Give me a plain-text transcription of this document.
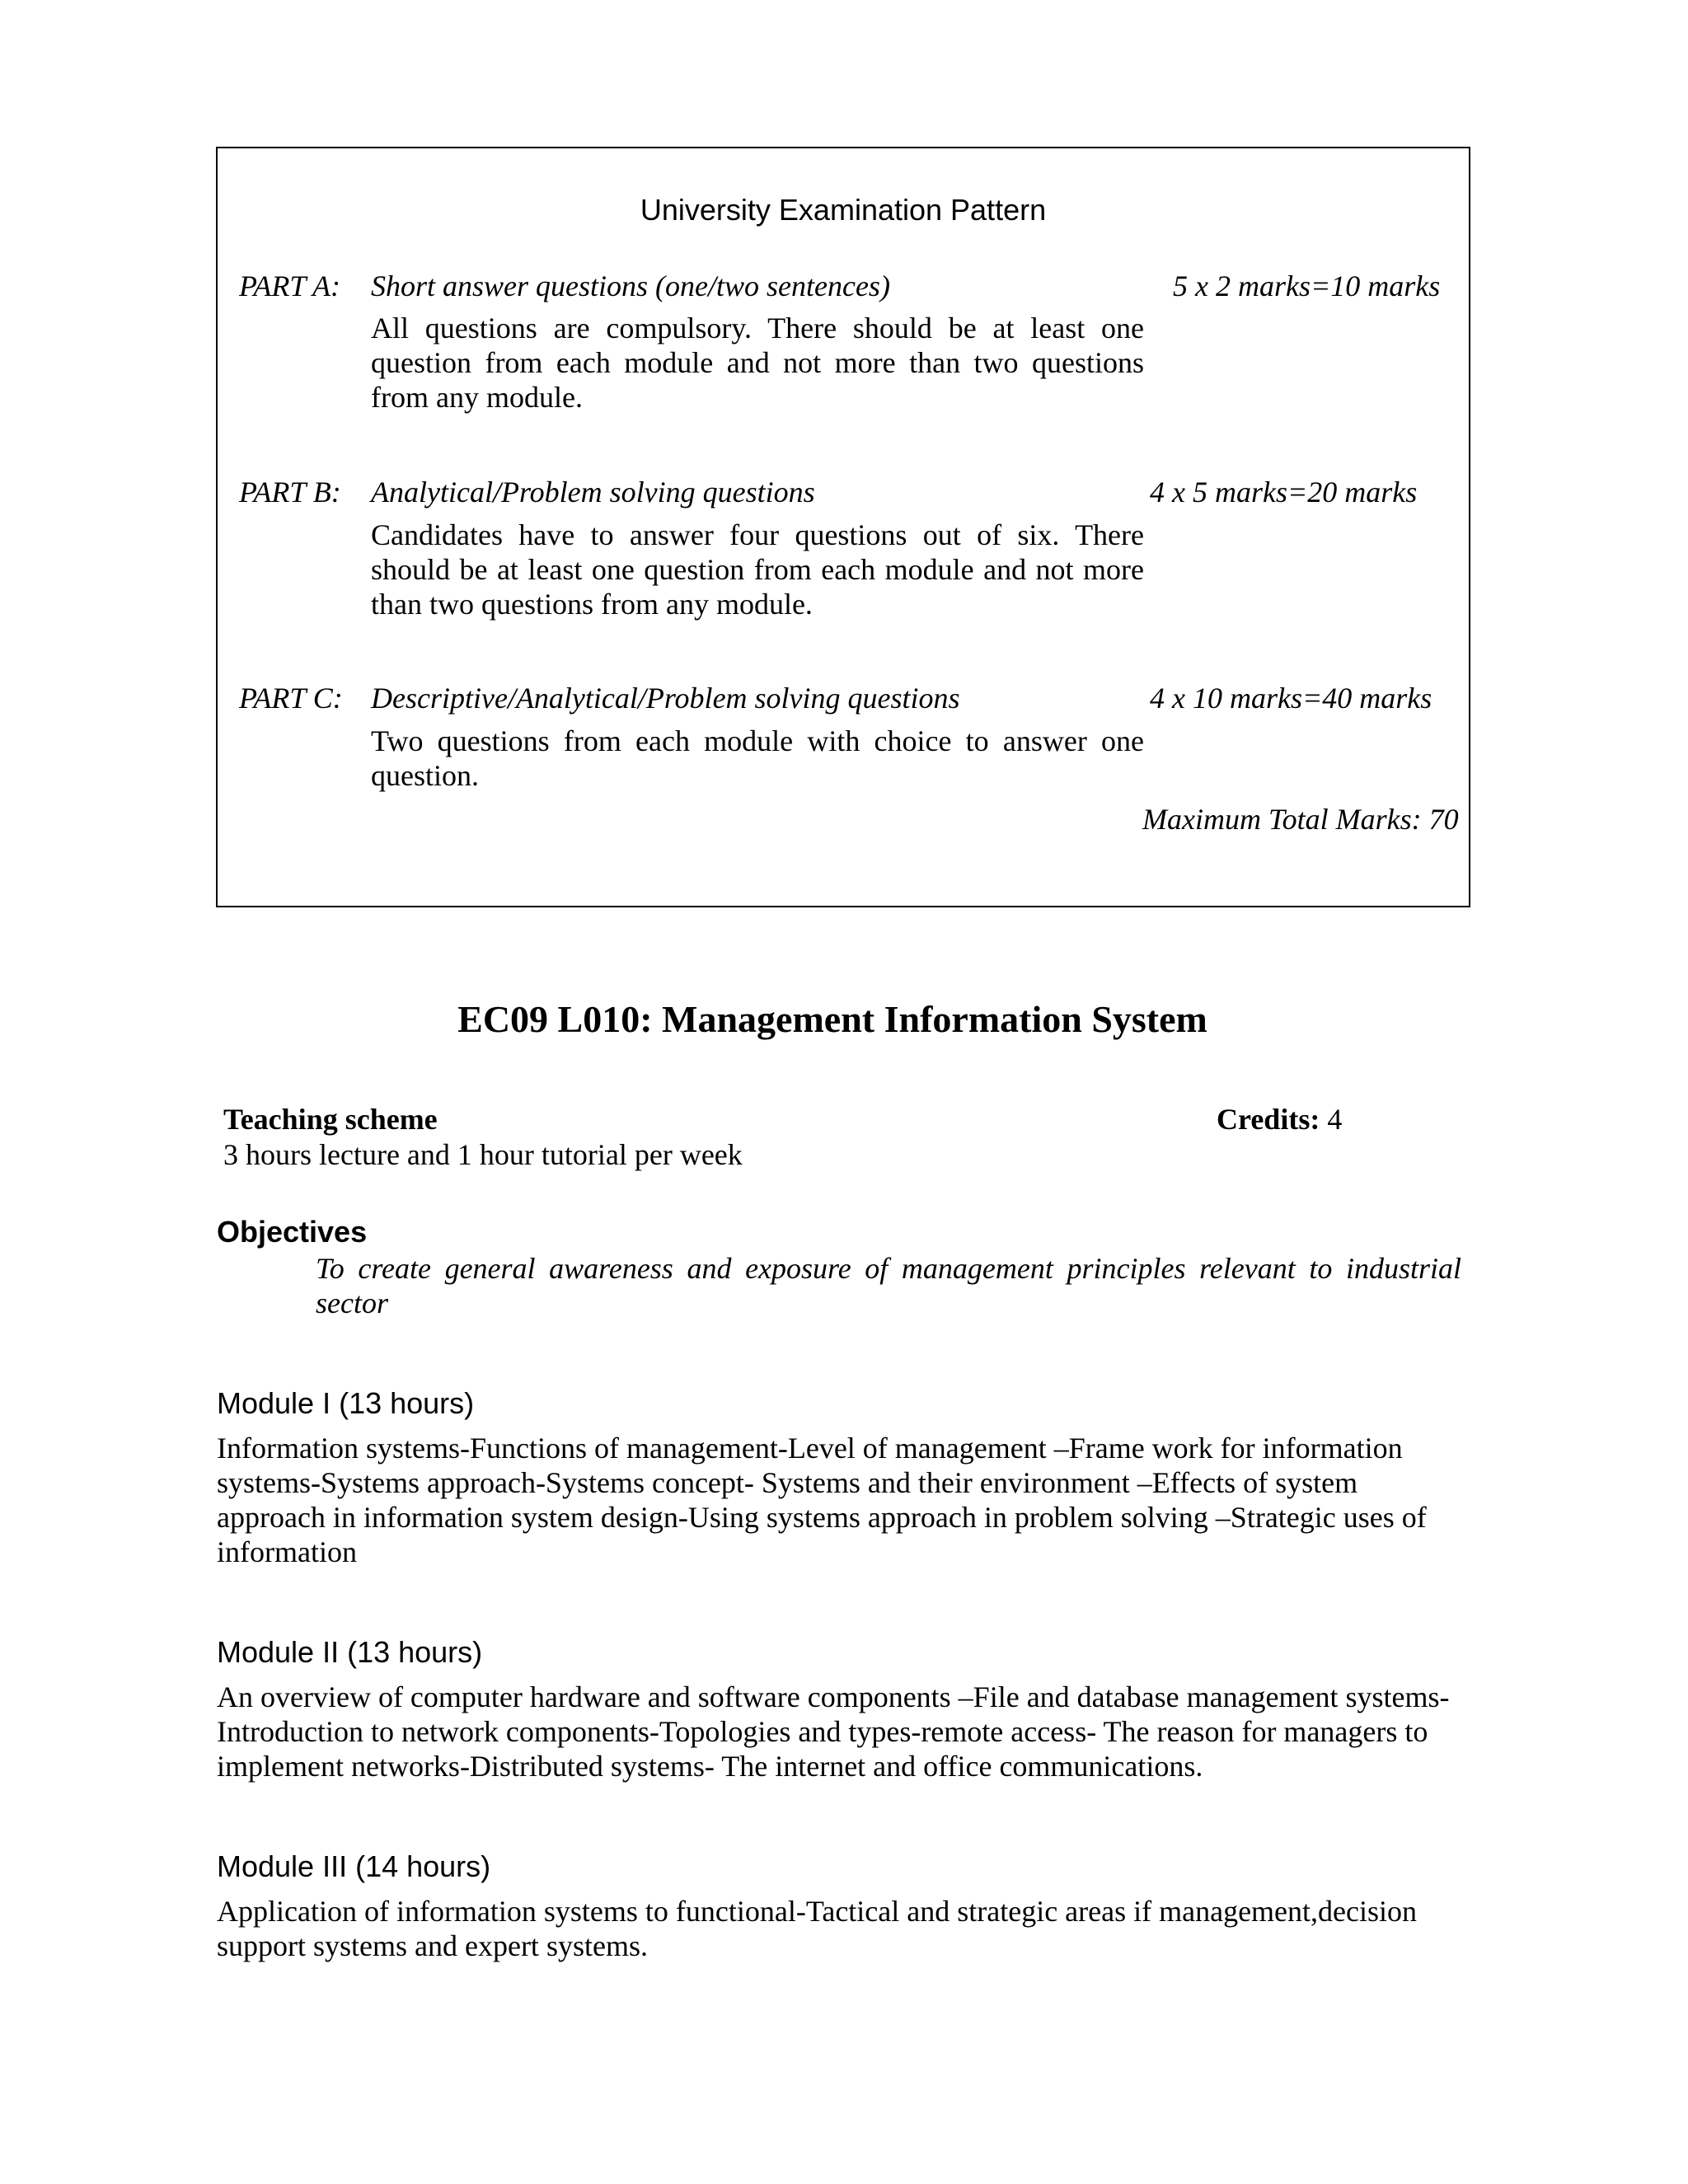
University Examination Pattern
PART A: Short answer questions (one/two sentences)	5 x 2 marks=10 marks
All questions are compulsory. There should be at least one question from each module and not more than two questions from any module.
PART B: Analytical/Problem solving questions	4 x 5 marks=20 marks
Candidates have to answer four questions out of six. There should be at least one question from each module and not more than two questions from any module.
PART C: Descriptive/Analytical/Problem solving questions	4 x 10 marks=40 marks
Two questions from each module with choice to answer one question.
Maximum Total Marks: 70
EC09 L010: Management Information System
Teaching scheme	Credits: 4
3 hours lecture and 1 hour tutorial per week
Objectives
To create general awareness and exposure of management principles relevant to industrial sector
Module I (13 hours)
Information systems-Functions of management-Level of management –Frame work for information systems-Systems approach-Systems concept- Systems and their environment –Effects of system approach in information system design-Using systems approach in problem solving –Strategic uses of information
Module II (13 hours)
An overview of computer hardware and software components –File and database management systems-Introduction to network components-Topologies and types-remote access- The reason for managers to implement networks-Distributed systems- The internet and office communications.
Module III (14 hours)
Application of information systems to functional-Tactical and strategic areas if management,decision support systems and expert systems.
